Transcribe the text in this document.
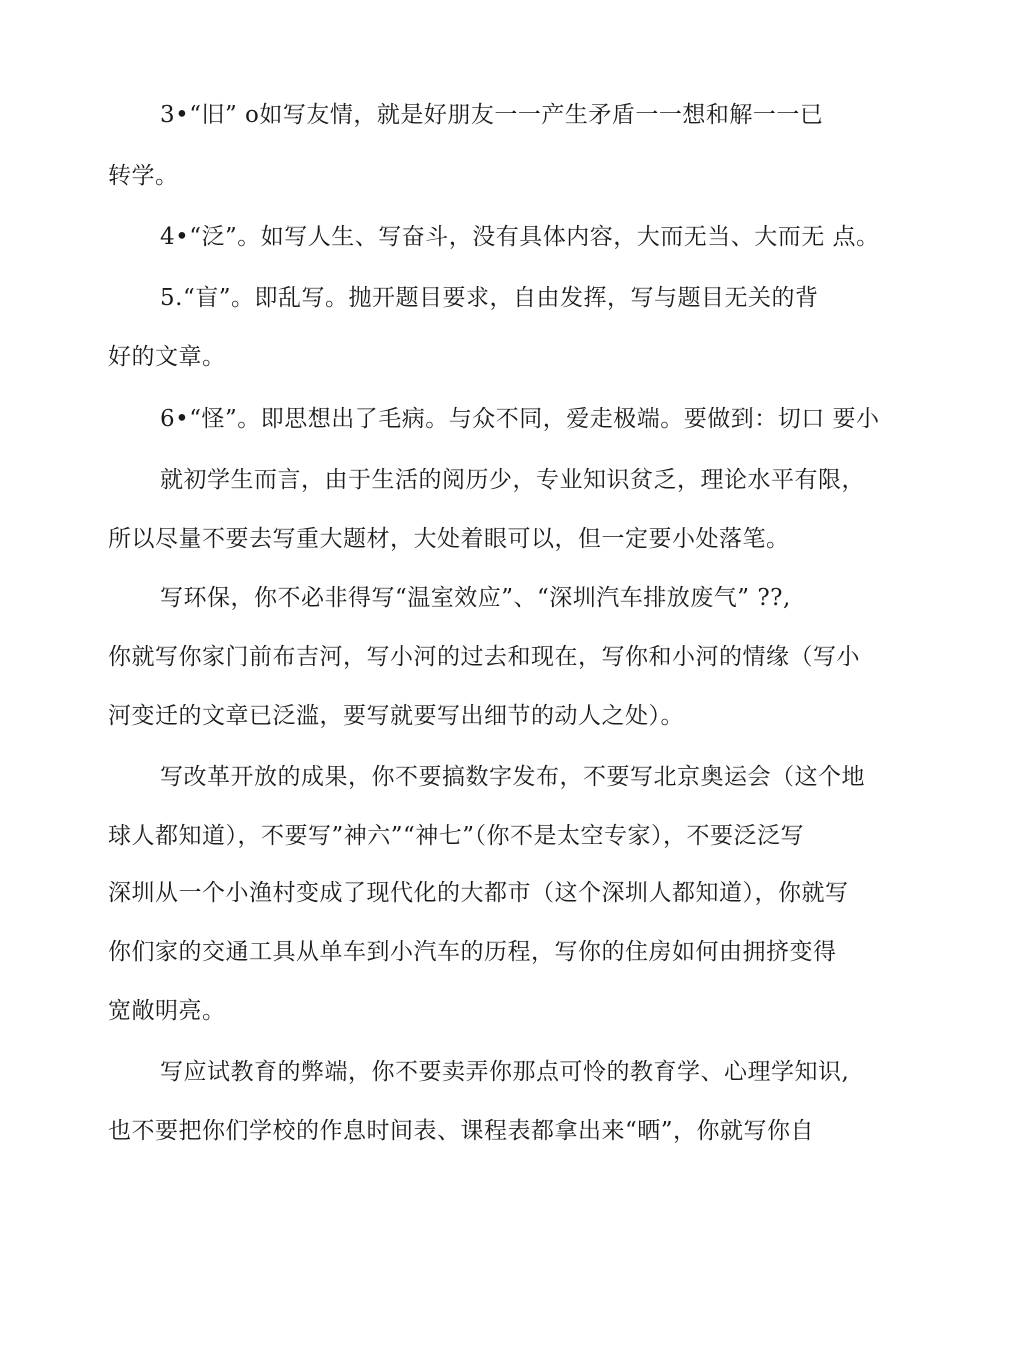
3•“旧” o如写友情，就是好朋友一一产生矛盾一一想和解一一已

转学。

4•“泛”。如写人生、写奋斗，没有具体内容，大而无当、大而无 点。

5.“盲”。即乱写。抛开题目要求，自由发挥，写与题目无关的背

好的文章。

6•“怪”。即思想出了毛病。与众不同，爱走极端。要做到：切口 要小

就初学生而言，由于生活的阅历少，专业知识贫乏，理论水平有限，

所以尽量不要去写重大题材，大处着眼可以，但一定要小处落笔。

写环保，你不必非得写“温室效应”、“深圳汽车排放废气” ??,

你就写你家门前布吉河，写小河的过去和现在，写你和小河的情缘（写小

河变迁的文章已泛滥，要写就要写出细节的动人之处）。

写改革开放的成果，你不要搞数字发布，不要写北京奥运会（这个地

球人都知道），不要写”神六”“神七”（你不是太空专家），不要泛泛写

深圳从一个小渔村变成了现代化的大都市（这个深圳人都知道），你就写

你们家的交通工具从单车到小汽车的历程，写你的住房如何由拥挤变得

宽敞明亮。

写应试教育的弊端，你不要卖弄你那点可怜的教育学、心理学知识,

也不要把你们学校的作息时间表、课程表都拿出来“晒”，你就写你自
